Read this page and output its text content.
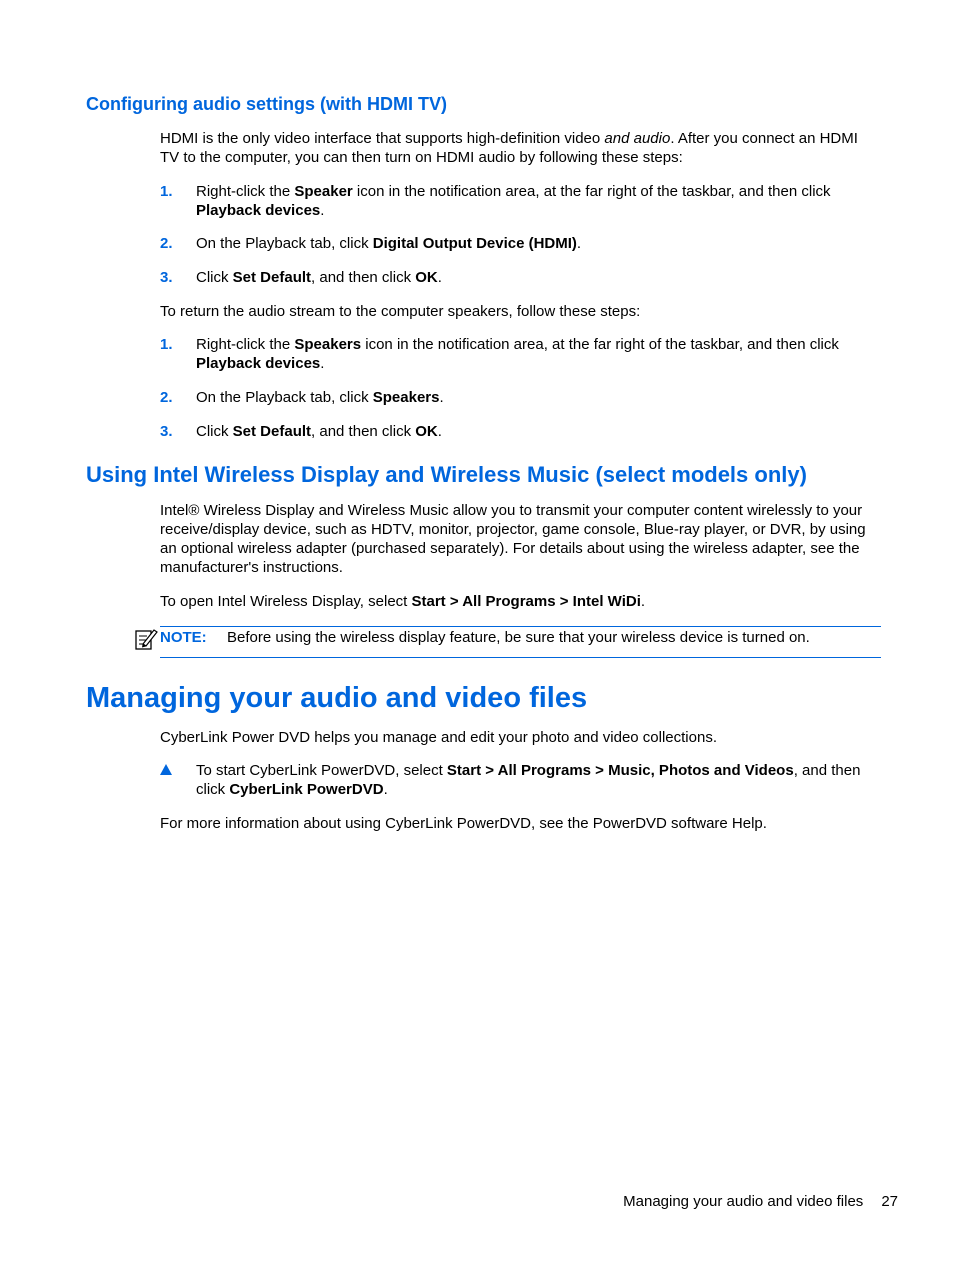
Configuring audio settings (with HDMI TV)

HDMI is the only video interface that supports high-definition video and audio. After you connect an HDMI TV to the computer, you can then turn on HDMI audio by following these steps:

1.	Right-click the Speaker icon in the notification area, at the far right of the taskbar, and then click Playback devices.
2.	On the Playback tab, click Digital Output Device (HDMI).
3.	Click Set Default, and then click OK.

To return the audio stream to the computer speakers, follow these steps:

1.	Right-click the Speakers icon in the notification area, at the far right of the taskbar, and then click Playback devices.
2.	On the Playback tab, click Speakers.
3.	Click Set Default, and then click OK.
Using Intel Wireless Display and Wireless Music (select models only)

Intel® Wireless Display and Wireless Music allow you to transmit your computer content wirelessly to your receive/display device, such as HDTV, monitor, projector, game console, Blue-ray player, or DVR, by using an optional wireless adapter (purchased separately). For details about using the wireless adapter, see the manufacturer's instructions.

To open Intel Wireless Display, select Start > All Programs > Intel WiDi.

NOTE: Before using the wireless display feature, be sure that your wireless device is turned on.
Managing your audio and video files

CyberLink Power DVD helps you manage and edit your photo and video collections.

To start CyberLink PowerDVD, select Start > All Programs > Music, Photos and Videos, and then click CyberLink PowerDVD.

For more information about using CyberLink PowerDVD, see the PowerDVD software Help.

Managing your audio and video files 27
